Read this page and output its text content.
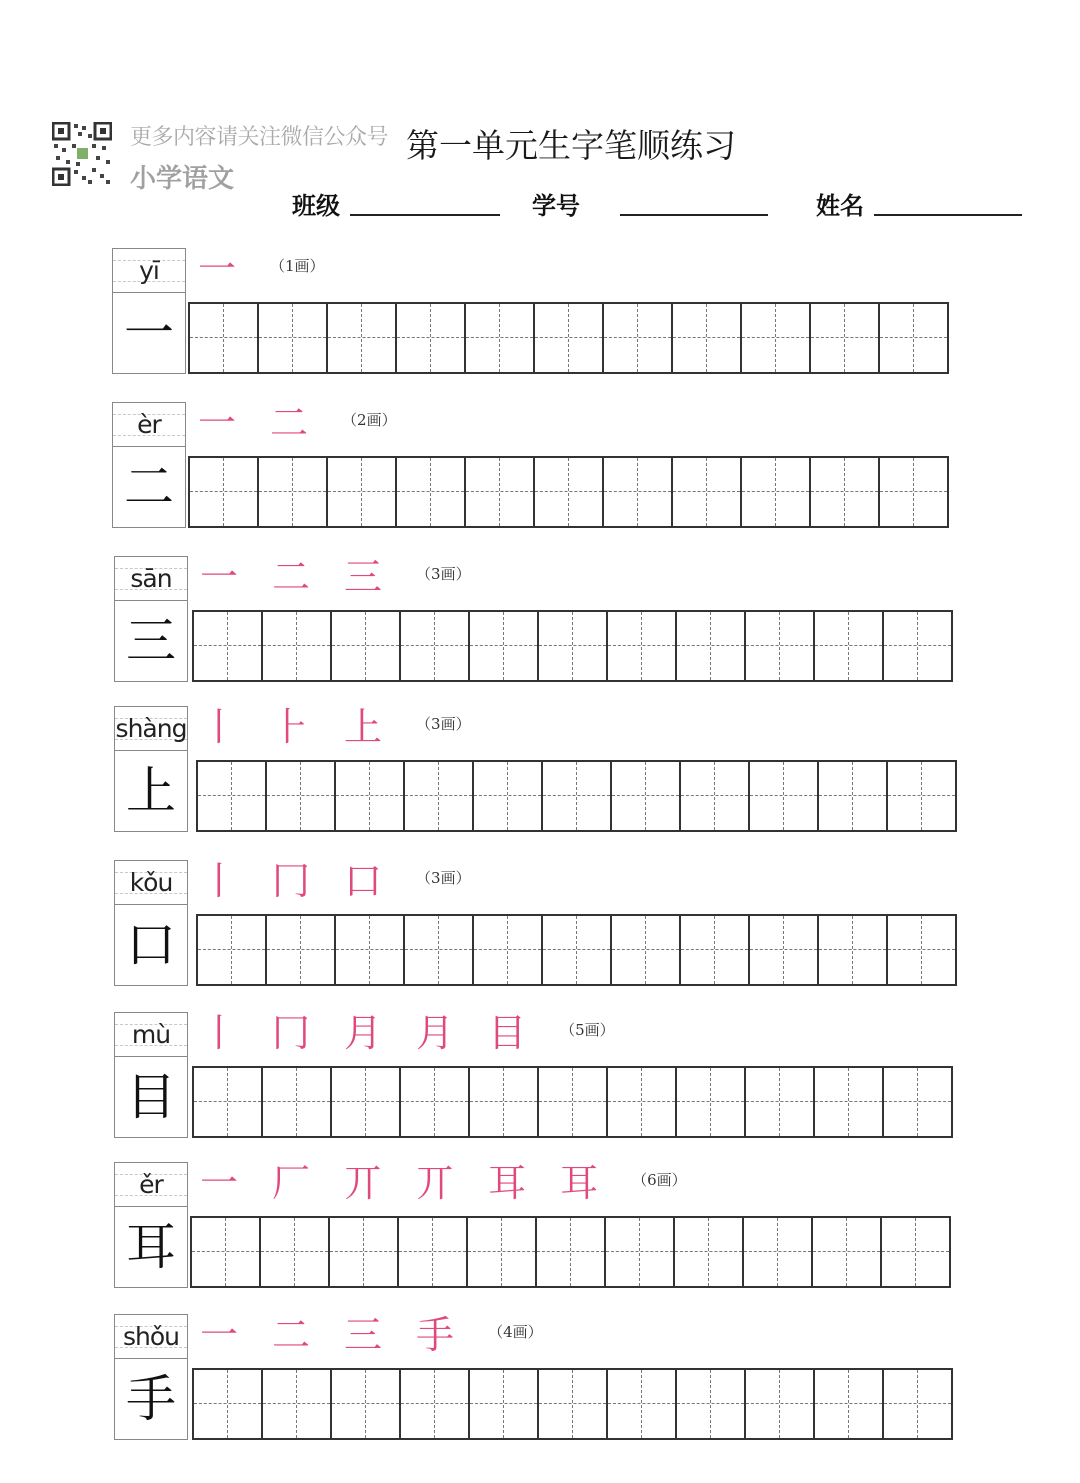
更多内容请关注微信公众号
小学语文
第一单元生字笔顺练习
班级	学号	姓名
yī
一
一 （1画）
èr
二
一 二 （2画）
sān
三
一 二 三 （3画）
shàng
上
丨 ⺊ 上 （3画）
kǒu
口
丨 冂 口 （3画）
mù
目
丨 冂 月 月 目 （5画）
ěr
耳
一 厂 丌 丌 耳 耳 （6画）
shǒu
手
一 二 三 手 （4画）
